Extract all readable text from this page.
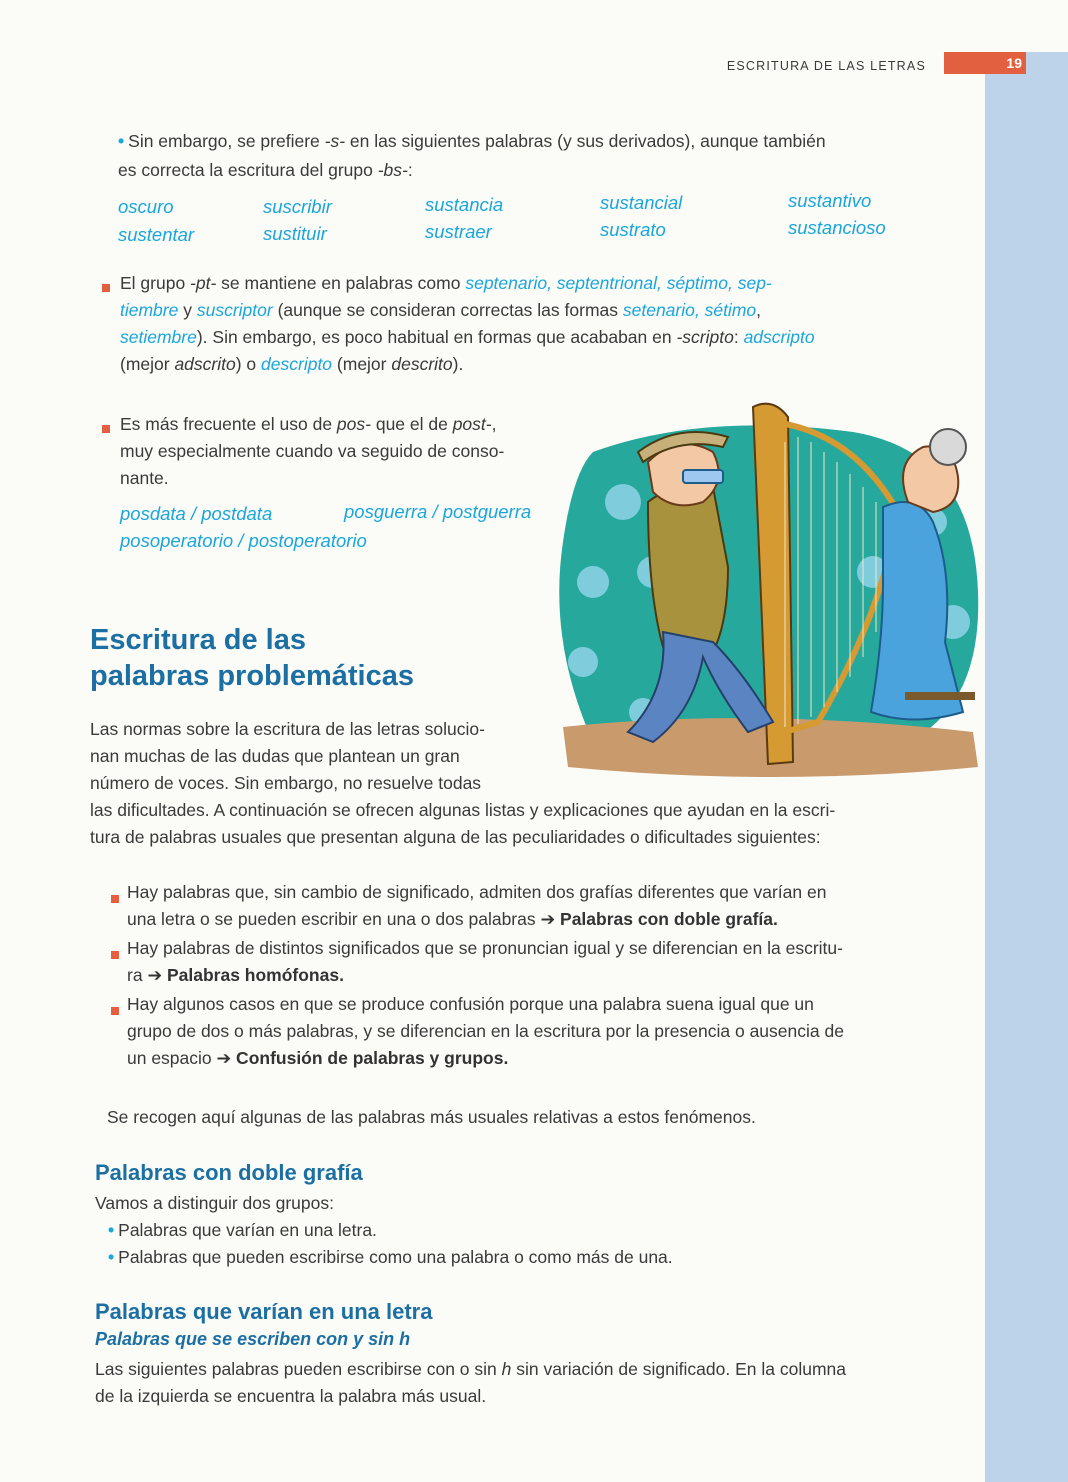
ESCRITURA DE LAS LETRAS	19

• Sin embargo, se prefiere -s- en las siguientes palabras (y sus derivados), aunque también

es correcta la escritura del grupo -bs-:

oscuro	suscribir	sustancia	sustancial	sustantivo
sustentar	sustituir	sustraer	sustrato	sustancioso

El grupo -pt- se mantiene en palabras como septenario, septentrional, séptimo, sep-

tiembre y suscriptor (aunque se consideran correctas las formas setenario, sétimo,

setiembre). Sin embargo, es poco habitual en formas que acababan en -scripto: adscripto

(mejor adscrito) o descripto (mejor descrito).

Es más frecuente el uso de pos- que el de post-,

muy especialmente cuando va seguido de conso-

nante.

posdata / postdata	posguerra / postguerra
posoperatorio / postoperatorio
Escritura de las
palabras problemáticas

Las normas sobre la escritura de las letras solucio-

nan muchas de las dudas que plantean un gran

número de voces. Sin embargo, no resuelve todas

las dificultades. A continuación se ofrecen algunas listas y explicaciones que ayudan en la escri-

tura de palabras usuales que presentan alguna de las peculiaridades o dificultades siguientes:

Hay palabras que, sin cambio de significado, admiten dos grafías diferentes que varían en

una letra o se pueden escribir en una o dos palabras ➔ Palabras con doble grafía.

Hay palabras de distintos significados que se pronuncian igual y se diferencian en la escritu-

ra ➔ Palabras homófonas.

Hay algunos casos en que se produce confusión porque una palabra suena igual que un

grupo de dos o más palabras, y se diferencian en la escritura por la presencia o ausencia de

un espacio ➔ Confusión de palabras y grupos.

Se recogen aquí algunas de las palabras más usuales relativas a estos fenómenos.

Palabras con doble grafía

Vamos a distinguir dos grupos:

• Palabras que varían en una letra.

• Palabras que pueden escribirse como una palabra o como más de una.

Palabras que varían en una letra
Palabras que se escriben con y sin h

Las siguientes palabras pueden escribirse con o sin h sin variación de significado. En la columna

de la izquierda se encuentra la palabra más usual.
